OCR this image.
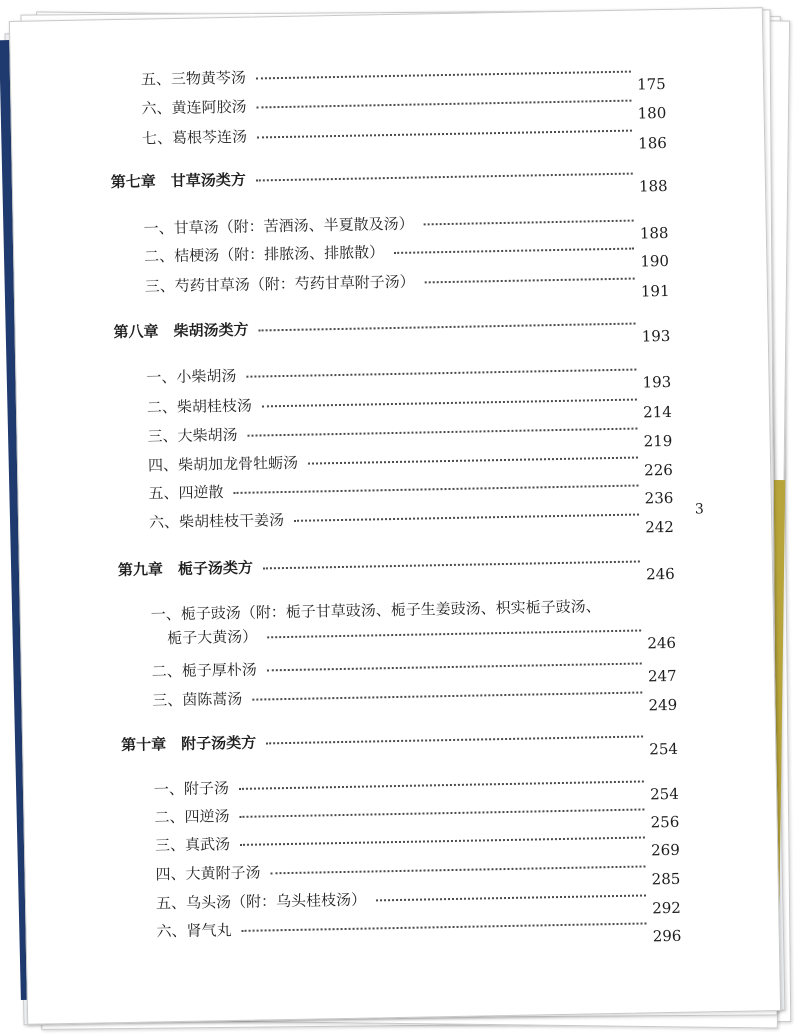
五、三物黄芩汤	175
六、黄连阿胶汤	180
七、葛根芩连汤	186
第七章　甘草汤类方	188
一、甘草汤（附：苦酒汤、半夏散及汤）	188
二、桔梗汤（附：排脓汤、排脓散）	190
三、芍药甘草汤（附：芍药甘草附子汤）	191
第八章　柴胡汤类方	193
一、小柴胡汤	193
二、柴胡桂枝汤	214
三、大柴胡汤	219
四、柴胡加龙骨牡蛎汤	226
五、四逆散	236
六、柴胡桂枝干姜汤	242
第九章　栀子汤类方	246
一、栀子豉汤（附：栀子甘草豉汤、栀子生姜豉汤、枳实栀子豉汤、
栀子大黄汤）	246
二、栀子厚朴汤	247
三、茵陈蒿汤	249
第十章　附子汤类方	254
一、附子汤	254
二、四逆汤	256
三、真武汤	269
四、大黄附子汤	285
五、乌头汤（附：乌头桂枝汤）	292
六、肾气丸	296
3
